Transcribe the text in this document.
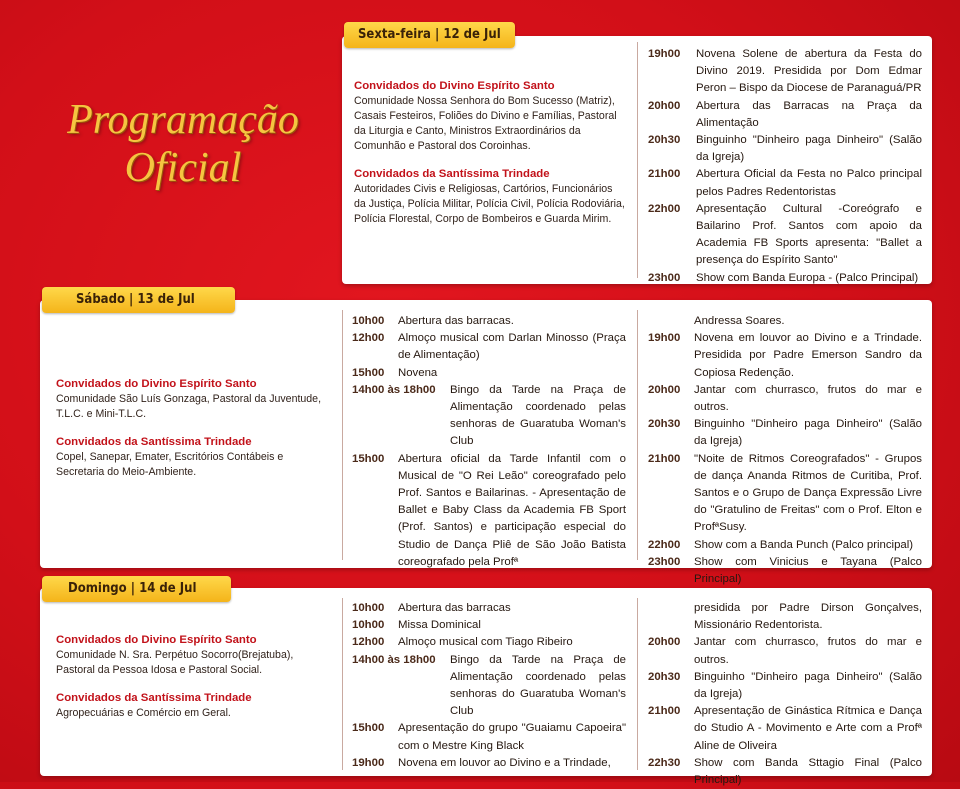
Programação
Oficial
Sexta-feira | 12 de Jul
Convidados do Divino Espírito Santo

Comunidade Nossa Senhora do Bom Sucesso (Matriz), Casais Festeiros, Foliões do Divino e Famílias, Pastoral da Liturgia e Canto, Ministros Extraordinários da Comunhão e Pastoral dos Coroinhas.

Convidados da Santíssima Trindade

Autoridades Civis e Religiosas, Cartórios, Funcionários da Justiça, Polícia Militar, Polícia Civil, Polícia Rodoviária, Polícia Florestal, Corpo de Bombeiros e Guarda Mirim.

19h00	Novena Solene de abertura da Festa do Divino 2019. Presidida por Dom Edmar Peron – Bispo da Diocese de Paranaguá/PR
20h00	Abertura das Barracas na Praça da Alimentação
20h30	Binguinho "Dinheiro paga Dinheiro" (Salão da Igreja)
21h00	Abertura Oficial da Festa no Palco principal pelos Padres Redentoristas
22h00	Apresentação Cultural -Coreógrafo e Bailarino Prof. Santos com apoio da Academia FB Sports apresenta: "Ballet a presença do Espírito Santo"
23h00	Show com Banda Europa - (Palco Principal)
Sábado | 13 de Jul
Convidados do Divino Espírito Santo

Comunidade São Luís Gonzaga, Pastoral da Juventude, T.L.C. e Mini-T.L.C.

Convidados da Santíssima Trindade

Copel, Sanepar, Emater, Escritórios Contábeis e Secretaria do Meio-Ambiente.

10h00	Abertura das barracas.
12h00	Almoço musical com Darlan Minosso (Praça de Alimentação)
15h00	Novena
14h00 às 18h00	Bingo da Tarde na Praça de Alimentação coordenado pelas senhoras de Guaratuba Woman's Club
15h00	Abertura oficial da Tarde Infantil com o Musical de "O Rei Leão" coreografado pelo Prof. Santos e Bailarinas. - Apresentação de Ballet e Baby Class da Academia FB Sport (Prof. Santos) e participação especial do Studio de Dança Pliê de São João Batista coreografado pela Profª
Andressa Soares.
19h00	Novena em louvor ao Divino e a Trindade. Presidida por Padre Emerson Sandro da Copiosa Redenção.
20h00	Jantar com churrasco, frutos do mar e outros.
20h30	Binguinho "Dinheiro paga Dinheiro" (Salão da Igreja)
21h00	"Noite de Ritmos Coreografados" - Grupos de dança Ananda Ritmos de Curitiba, Prof. Santos e o Grupo de Dança Expressão Livre do "Gratulino de Freitas" com o Prof. Elton e ProfªSusy.
22h00	Show com a Banda Punch (Palco principal)
23h00	Show com Vinicius e Tayana (Palco Principal)
Domingo | 14 de Jul
Convidados do Divino Espírito Santo

Comunidade N. Sra. Perpétuo Socorro(Brejatuba), Pastoral da Pessoa Idosa e Pastoral Social.

Convidados da Santíssima Trindade

Agropecuárias e Comércio em Geral.

10h00	Abertura das barracas
10h00	Missa Dominical
12h00	Almoço musical com Tiago Ribeiro
14h00 às 18h00	Bingo da Tarde na Praça de Alimentação coordenado pelas senhoras do Guaratuba Woman's Club
15h00	Apresentação do grupo "Guaiamu Capoeira" com o Mestre King Black
19h00	Novena em louvor ao Divino e a Trindade,
presidida por Padre Dirson Gonçalves, Missionário Redentorista.
20h00	Jantar com churrasco, frutos do mar e outros.
20h30	Binguinho "Dinheiro paga Dinheiro" (Salão da Igreja)
21h00	Apresentação de Ginástica Rítmica e Dança do Studio A - Movimento e Arte com a Profª Aline de Oliveira
22h30	Show com Banda Sttagio Final (Palco Principal)
